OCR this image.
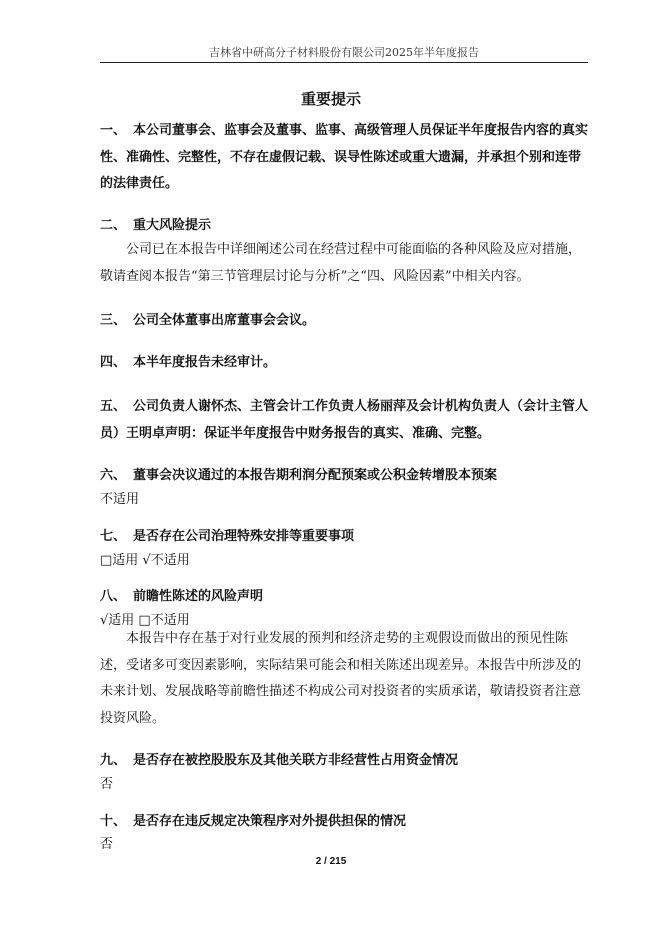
吉林省中研高分子材料股份有限公司2025年半年度报告
重要提示
一、 本公司董事会、监事会及董事、监事、高级管理人员保证半年度报告内容的真实性、准确性、完整性，不存在虚假记载、误导性陈述或重大遗漏，并承担个别和连带的法律责任。
二、 重大风险提示
公司已在本报告中详细阐述公司在经营过程中可能面临的各种风险及应对措施，敬请查阅本报告“第三节管理层讨论与分析”之“四、风险因素”中相关内容。
三、 公司全体董事出席董事会会议。
四、 本半年度报告未经审计。
五、 公司负责人谢怀杰、主管会计工作负责人杨丽萍及会计机构负责人（会计主管人员）王明卓声明：保证半年度报告中财务报告的真实、准确、完整。
六、 董事会决议通过的本报告期利润分配预案或公积金转增股本预案
不适用
七、 是否存在公司治理特殊安排等重要事项
□适用 √不适用
八、 前瞻性陈述的风险声明
√适用 □不适用
本报告中存在基于对行业发展的预判和经济走势的主观假设而做出的预见性陈述，受诸多可变因素影响，实际结果可能会和相关陈述出现差异。本报告中所涉及的未来计划、发展战略等前瞻性描述不构成公司对投资者的实质承诺，敬请投资者注意投资风险。
九、 是否存在被控股股东及其他关联方非经营性占用资金情况
否
十、 是否存在违反规定决策程序对外提供担保的情况
否
2 / 215
